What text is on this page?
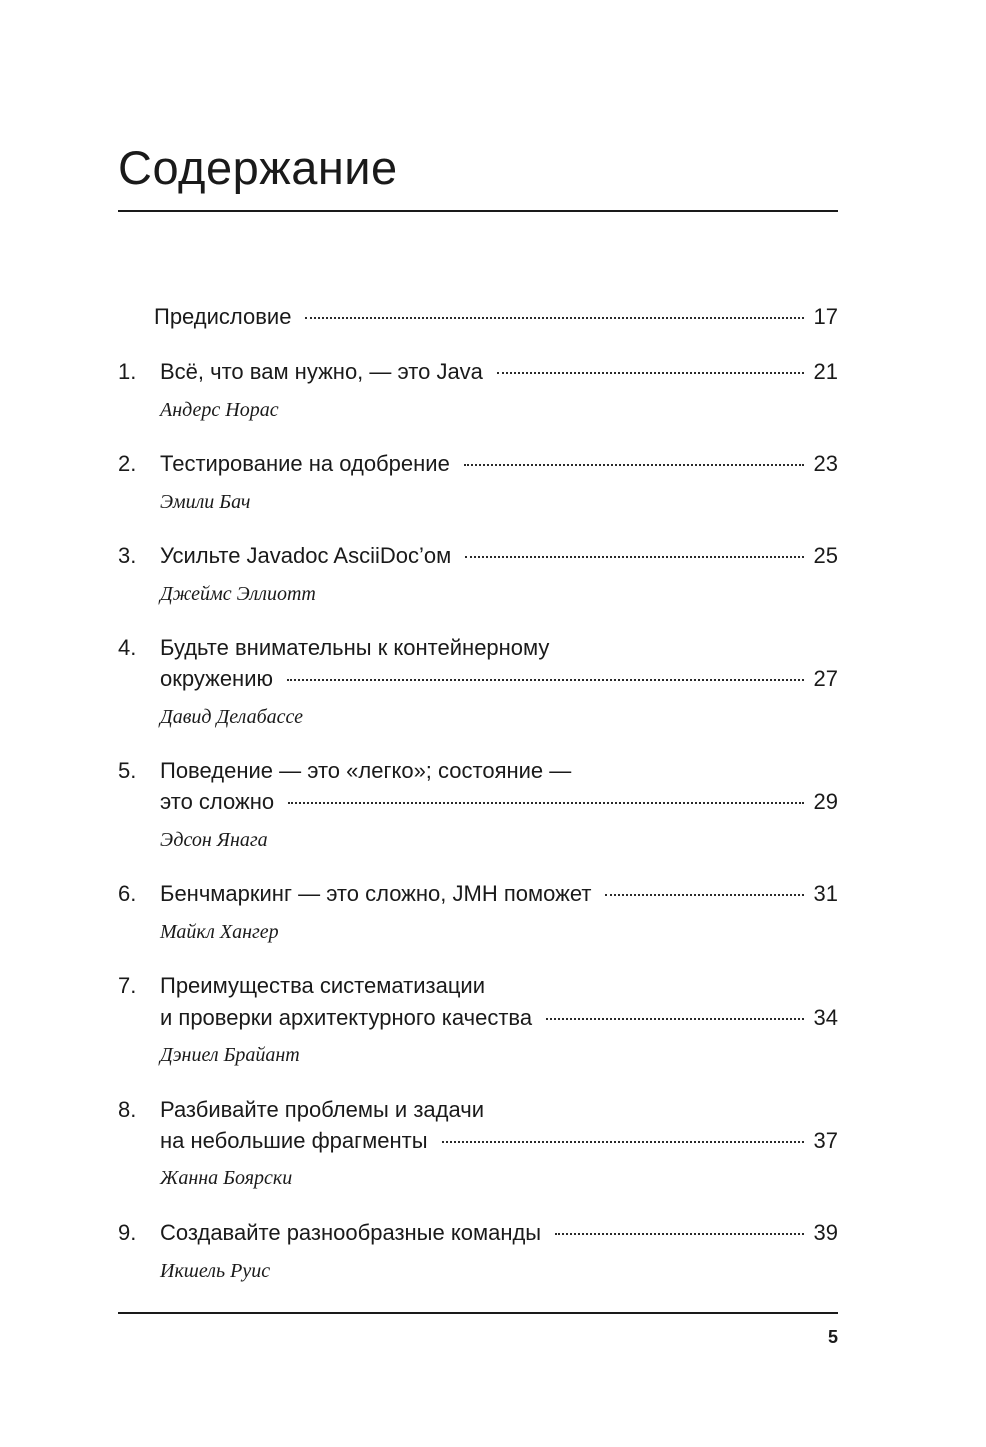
Содержание
Предисловие	17
1. Всё, что вам нужно, — это Java	21
Андерс Норас
2. Тестирование на одобрение	23
Эмили Бач
3. Усильте Javadoc AsciiDoc’ом	25
Джеймс Эллиотт
4. Будьте внимательны к контейнерному
окружению	27
Давид Делабассе
5. Поведение — это «легко»; состояние —
это сложно	29
Эдсон Янага
6. Бенчмаркинг — это сложно, JMH поможет	31
Майкл Хангер
7. Преимущества систематизации
и проверки архитектурного качества	34
Дэниел Брайант
8. Разбивайте проблемы и задачи
на небольшие фрагменты	37
Жанна Боярски
9. Создавайте разнообразные команды	39
Икшель Руис
5
